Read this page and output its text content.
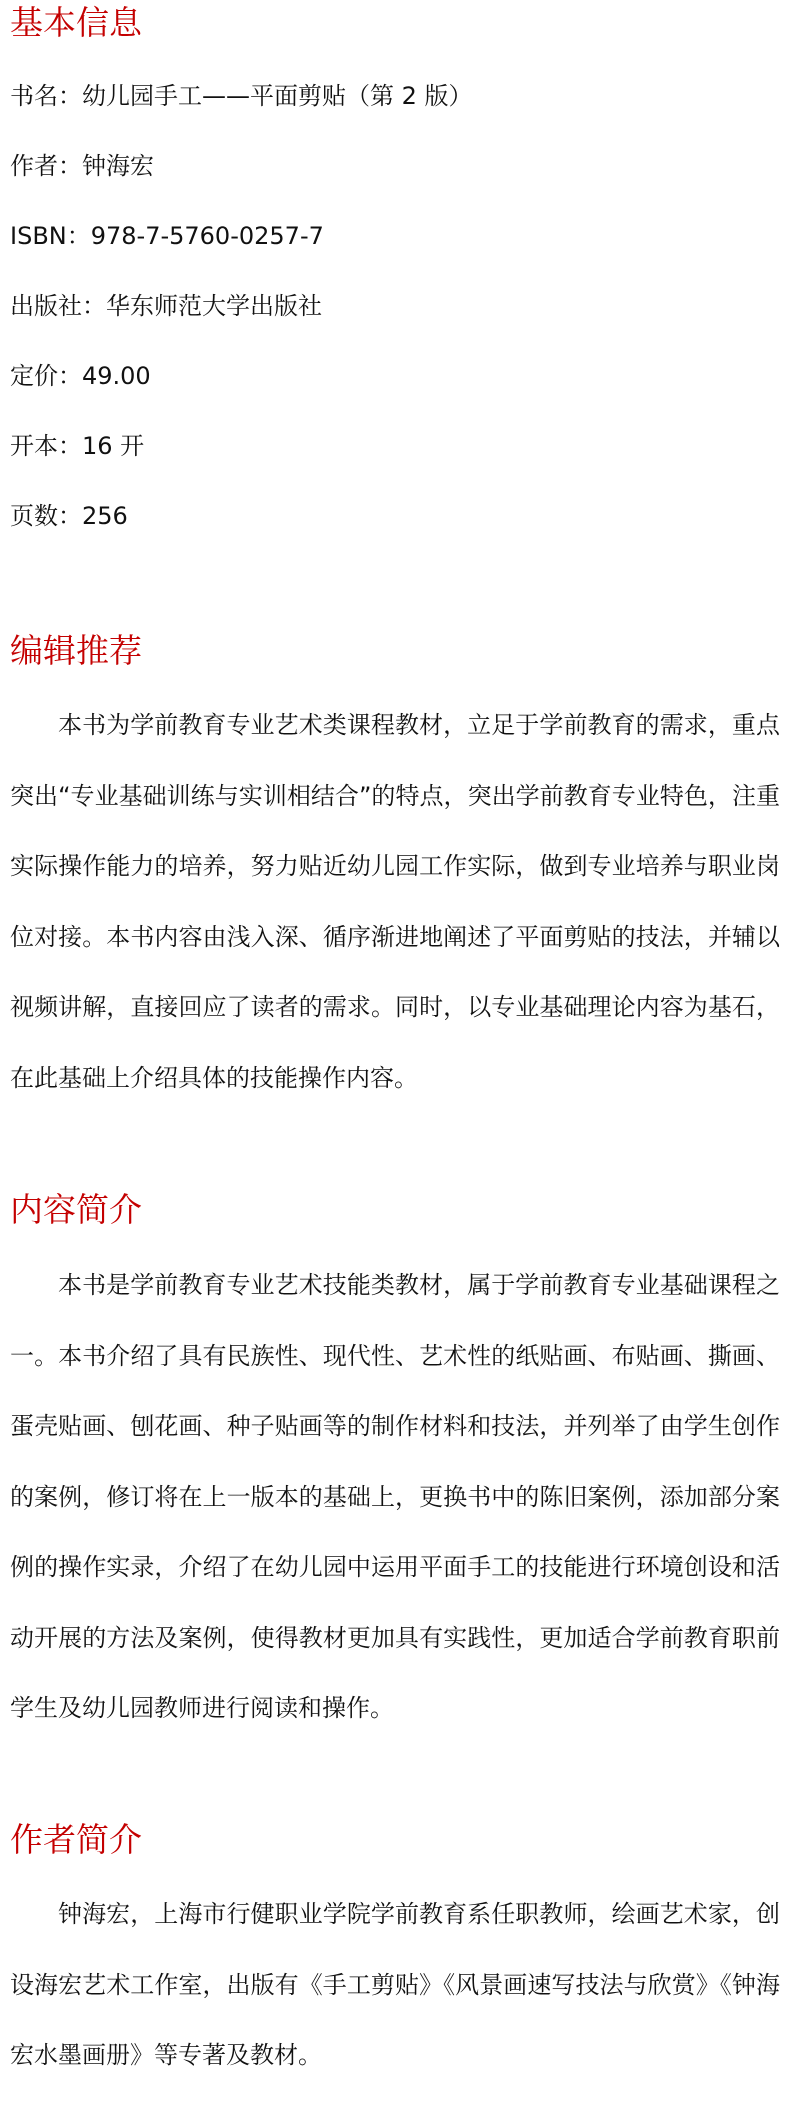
基本信息

书名：幼儿园手工——平面剪贴（第 2 版）

作者：钟海宏

ISBN：978-7-5760-0257-7

出版社：华东师范大学出版社

定价：49.00

开本：16 开

页数：256

编辑推荐

本书为学前教育专业艺术类课程教材，立足于学前教育的需求，重点突出“专业基础训练与实训相结合”的特点，突出学前教育专业特色，注重实际操作能力的培养，努力贴近幼儿园工作实际，做到专业培养与职业岗位对接。本书内容由浅入深、循序渐进地阐述了平面剪贴的技法，并辅以视频讲解，直接回应了读者的需求。同时，以专业基础理论内容为基石，在此基础上介绍具体的技能操作内容。

内容简介

本书是学前教育专业艺术技能类教材，属于学前教育专业基础课程之一。本书介绍了具有民族性、现代性、艺术性的纸贴画、布贴画、撕画、蛋壳贴画、刨花画、种子贴画等的制作材料和技法，并列举了由学生创作的案例，修订将在上一版本的基础上，更换书中的陈旧案例，添加部分案例的操作实录，介绍了在幼儿园中运用平面手工的技能进行环境创设和活动开展的方法及案例，使得教材更加具有实践性，更加适合学前教育职前学生及幼儿园教师进行阅读和操作。

作者简介

钟海宏，上海市行健职业学院学前教育系任职教师，绘画艺术家，创设海宏艺术工作室，出版有《手工剪贴》《风景画速写技法与欣赏》《钟海宏水墨画册》等专著及教材。
